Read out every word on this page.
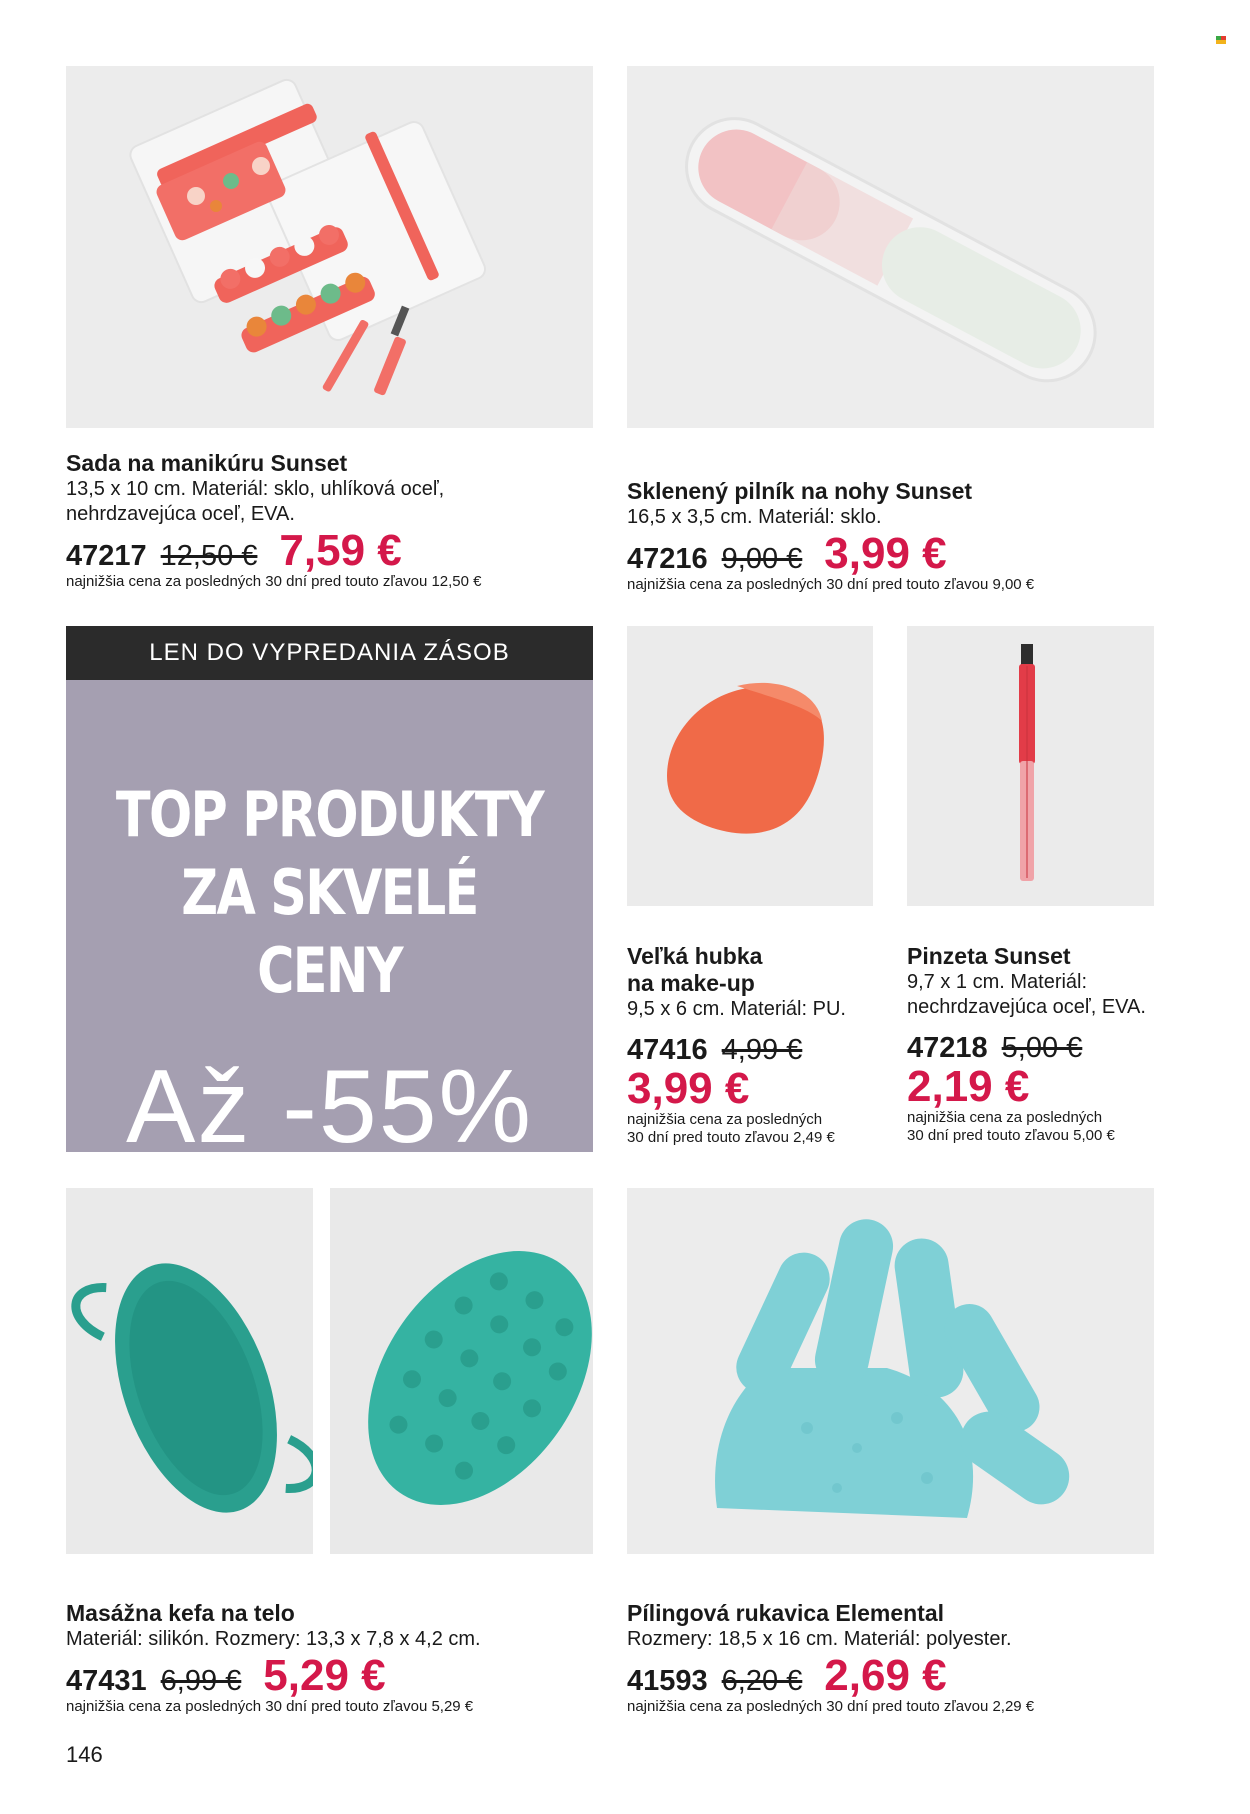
Sada na manikúru Sunset
13,5 x 10 cm. Materiál: sklo, uhlíková oceľ,
nehrdzavejúca oceľ, EVA.
47217 12,50 € 7,59 €
najnižšia cena za posledných 30 dní pred touto zľavou 12,50 €
Sklenený pilník na nohy Sunset
16,5 x 3,5 cm. Materiál: sklo.
47216 9,00 € 3,99 €
najnižšia cena za posledných 30 dní pred touto zľavou 9,00 €
LEN DO VYPREDANIA ZÁSOB
TOP PRODUKTY
ZA SKVELÉ CENY
Až -55%
Veľká hubka
na make-up
9,5 x 6 cm. Materiál: PU.
47416 4,99 €
3,99 €
najnižšia cena za posledných
30 dní pred touto zľavou 2,49 €
Pinzeta Sunset
9,7 x 1 cm. Materiál:
nechrdzavejúca oceľ, EVA.
47218 5,00 €
2,19 €
najnižšia cena za posledných
30 dní pred touto zľavou 5,00 €
Masážna kefa na telo
Materiál: silikón. Rozmery: 13,3 x 7,8 x 4,2 cm.
47431 6,99 € 5,29 €
najnižšia cena za posledných 30 dní pred touto zľavou 5,29 €
Pílingová rukavica Elemental
Rozmery: 18,5 x 16 cm. Materiál: polyester.
41593 6,20 € 2,69 €
najnižšia cena za posledných 30 dní pred touto zľavou 2,29 €
146
